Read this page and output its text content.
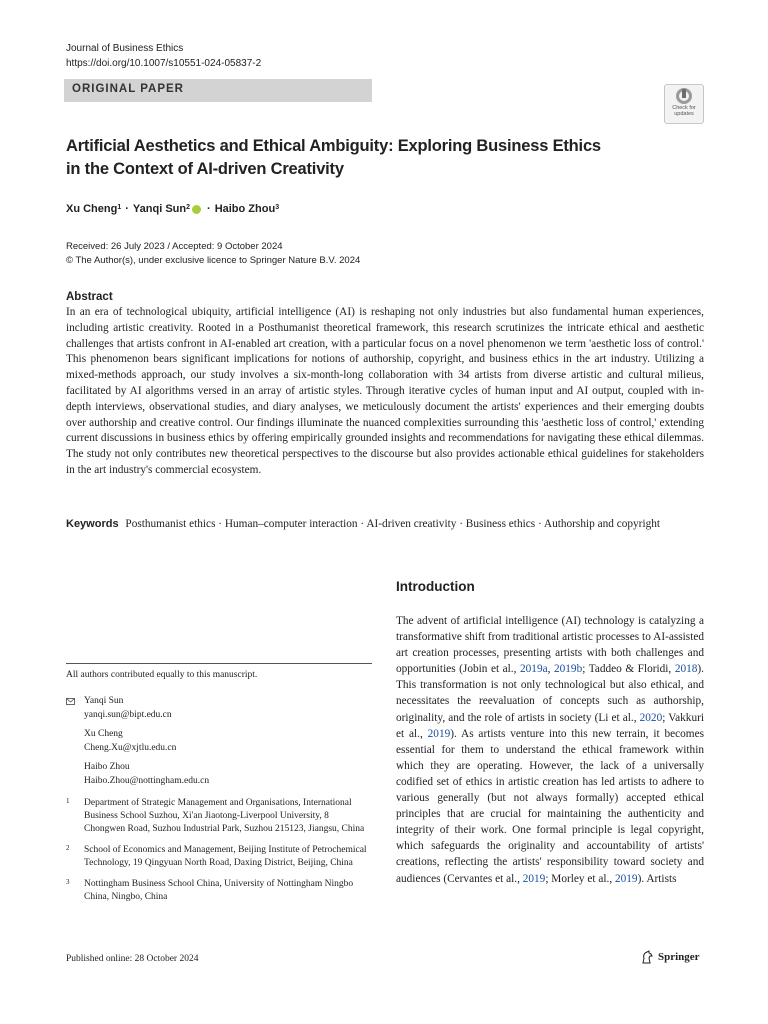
Journal of Business Ethics
https://doi.org/10.1007/s10551-024-05837-2
ORIGINAL PAPER
Check for
updates
Artificial Aesthetics and Ethical Ambiguity: Exploring Business Ethics
in the Context of AI-driven Creativity
Xu Cheng$^1$ · Yanqi Sun$^2$ · Haibo Zhou$^3$
Received: 26 July 2023 / Accepted: 9 October 2024
© The Author(s), under exclusive licence to Springer Nature B.V. 2024
Abstract
In an era of technological ubiquity, artificial intelligence (AI) is reshaping not only industries but also fundamental human experiences, including artistic creativity. Rooted in a Posthumanist theoretical framework, this research scrutinizes the intricate ethical and aesthetic challenges that artists confront in AI-enabled art creation, with a particular focus on a novel phenomenon we term 'aesthetic loss of control.' This phenomenon bears significant implications for notions of authorship, copyright, and business ethics in the art industry. Utilizing a mixed-methods approach, our study involves a six-month-long collaboration with 34 artists from diverse artistic and cultural milieus, facilitated by AI algorithms versed in an array of artistic styles. Through iterative cycles of human input and AI output, coupled with in-depth interviews, observational studies, and diary analyses, we meticulously document the artists' experiences and their emerging doubts over authorship and creative control. Our findings illuminate the nuanced complexities surrounding this 'aesthetic loss of control,' extending current discussions in business ethics by offering empirically grounded insights and recommendations for navigating these ethical dilemmas. The study not only contributes new theoretical perspectives to the discourse but also provides actionable ethical guidelines for stakeholders in the art industry's commercial ecosystem.
Keywords Posthumanist ethics · Human–computer interaction · AI-driven creativity · Business ethics · Authorship and copyright
Introduction
The advent of artificial intelligence (AI) technology is catalyzing a transformative shift from traditional artistic processes to AI-assisted art creation processes, presenting artists with both challenges and opportunities (Jobin et al., 2019a, 2019b; Taddeo & Floridi, 2018). This transformation is not only technological but also ethical, and necessitates the reevaluation of concepts such as authorship, originality, and the role of artists in society (Li et al., 2020; Vakkuri et al., 2019). As artists venture into this new terrain, it becomes essential for them to understand the ethical framework within which they are operating. However, the lack of a universally codified set of ethics in artistic creation has led artists to adhere to various generally (but not always formally) accepted ethical principles that are crucial for maintaining the authenticity and integrity of their work. One formal principle is legal copyright, which safeguards the originality and accountability of artists' creations, reflecting the artists' responsibility toward society and audiences (Cervantes et al., 2019; Morley et al., 2019). Artists
All authors contributed equally to this manuscript.
Yanqi Sun
yanqi.sun@bipt.edu.cn
Xu Cheng
Cheng.Xu@xjtlu.edu.cn
Haibo Zhou
Haibo.Zhou@nottingham.edu.cn
1	Department of Strategic Management and Organisations, International Business School Suzhou, Xi'an Jiaotong-Liverpool University, 8 Chongwen Road, Suzhou Industrial Park, Suzhou 215123, Jiangsu, China
2	School of Economics and Management, Beijing Institute of Petrochemical Technology, 19 Qingyuan North Road, Daxing District, Beijing, China
3	Nottingham Business School China, University of Nottingham Ningbo China, Ningbo, China
Published online: 28 October 2024	Springer
